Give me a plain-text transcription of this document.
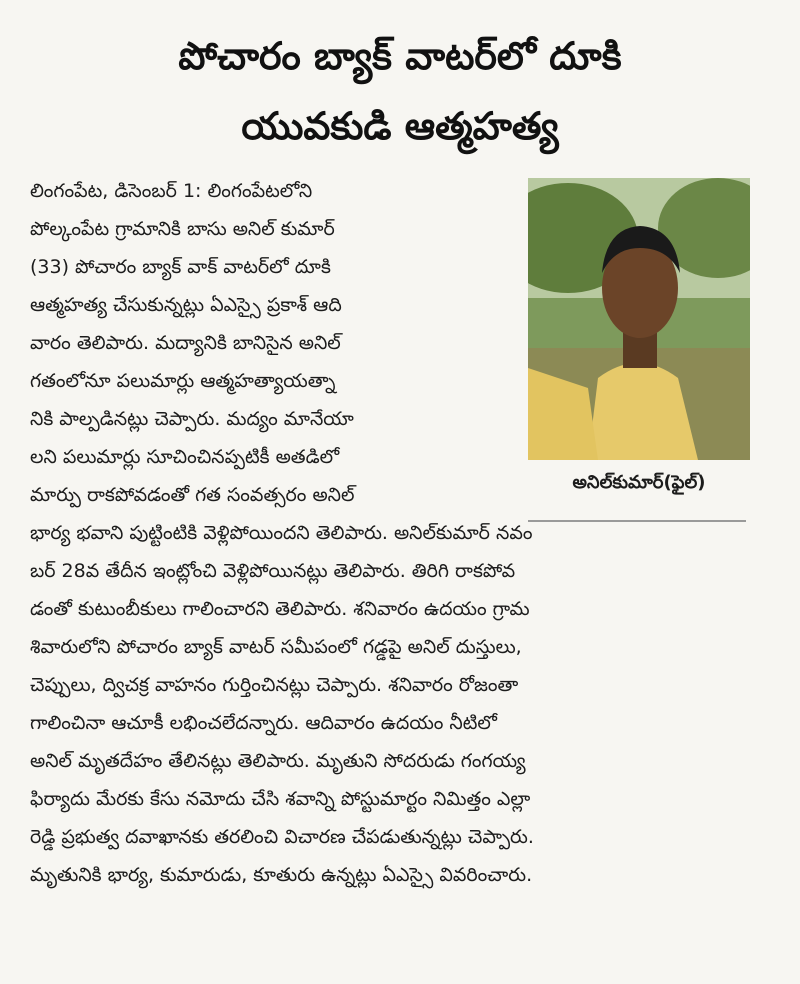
పోచారం బ్యాక్ వాటర్‌లో దూకి
యువకుడి ఆత్మహత్య
అనిల్‌కుమార్(ఫైల్)
లింగంపేట, డిసెంబర్ 1: లింగంపేటలోని
పోల్కంపేట గ్రామానికి బాసు అనిల్ కుమార్
(33) పోచారం బ్యాక్ వాక్ వాటర్‌లో దూకి
ఆత్మహత్య చేసుకున్నట్లు ఏఎస్సై ప్రకాశ్ ఆది
వారం తెలిపారు. మద్యానికి బానిసైన అనిల్
గతంలోనూ పలుమార్లు ఆత్మహత్యాయత్నా
నికి పాల్పడినట్లు చెప్పారు. మద్యం మానేయా
లని పలుమార్లు సూచించినప్పటికీ అతడిలో
మార్పు రాకపోవడంతో గత సంవత్సరం అనిల్
భార్య భవాని పుట్టింటికి వెళ్లిపోయిందని తెలిపారు. అనిల్‌కుమార్ నవం
బర్ 28వ తేదీన ఇంట్లోంచి వెళ్లిపోయినట్లు తెలిపారు. తిరిగి రాకపోవ
డంతో కుటుంబీకులు గాలించారని తెలిపారు. శనివారం ఉదయం గ్రామ
శివారులోని పోచారం బ్యాక్ వాటర్ సమీపంలో గడ్డపై అనిల్ దుస్తులు,
చెప్పులు, ద్విచక్ర వాహనం గుర్తించినట్లు చెప్పారు. శనివారం రోజంతా
గాలించినా ఆచూకీ లభించలేదన్నారు. ఆదివారం ఉదయం నీటిలో
అనిల్ మృతదేహం తేలినట్లు తెలిపారు. మృతుని సోదరుడు గంగయ్య
ఫిర్యాదు మేరకు కేసు నమోదు చేసి శవాన్ని పోస్టుమార్టం నిమిత్తం ఎల్లా
రెడ్డి ప్రభుత్వ దవాఖానకు తరలించి విచారణ చేపడుతున్నట్లు చెప్పారు.
మృతునికి భార్య, కుమారుడు, కూతురు ఉన్నట్లు ఏఎస్సై వివరించారు.
